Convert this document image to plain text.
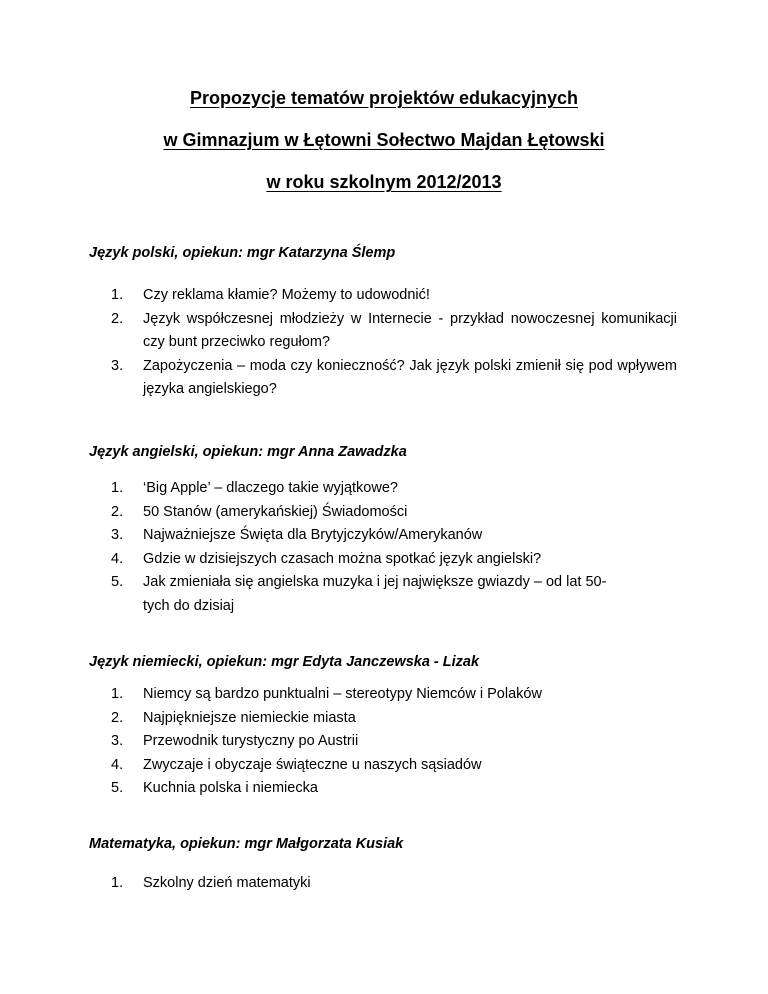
Propozycje tematów projektów edukacyjnych
w Gimnazjum w Łętowni Sołectwo Majdan Łętowski
w roku szkolnym 2012/2013
Język polski, opiekun: mgr Katarzyna Ślemp
1. Czy reklama kłamie? Możemy to udowodnić!
2. Język współczesnej młodzieży w Internecie - przykład nowoczesnej komunikacji czy bunt przeciwko regułom?
3. Zapożyczenia – moda czy konieczność? Jak język polski zmienił się pod wpływem języka angielskiego?
Język angielski, opiekun: mgr Anna Zawadzka
1. ‘Big Apple’ – dlaczego takie wyjątkowe?
2. 50 Stanów (amerykańskiej) Świadomości
3. Najważniejsze Święta dla Brytyjczyków/Amerykanów
4. Gdzie w dzisiejszych czasach można spotkać język angielski?
5. Jak zmieniała się angielska muzyka i jej największe gwiazdy – od lat 50-tych do dzisiaj
Język niemiecki, opiekun: mgr Edyta Janczewska - Lizak
1. Niemcy są bardzo punktualni – stereotypy Niemców i Polaków
2. Najpiękniejsze niemieckie miasta
3. Przewodnik turystyczny po Austrii
4. Zwyczaje i obyczaje świąteczne u naszych sąsiadów
5. Kuchnia polska i niemiecka
Matematyka, opiekun: mgr Małgorzata Kusiak
1. Szkolny dzień matematyki
